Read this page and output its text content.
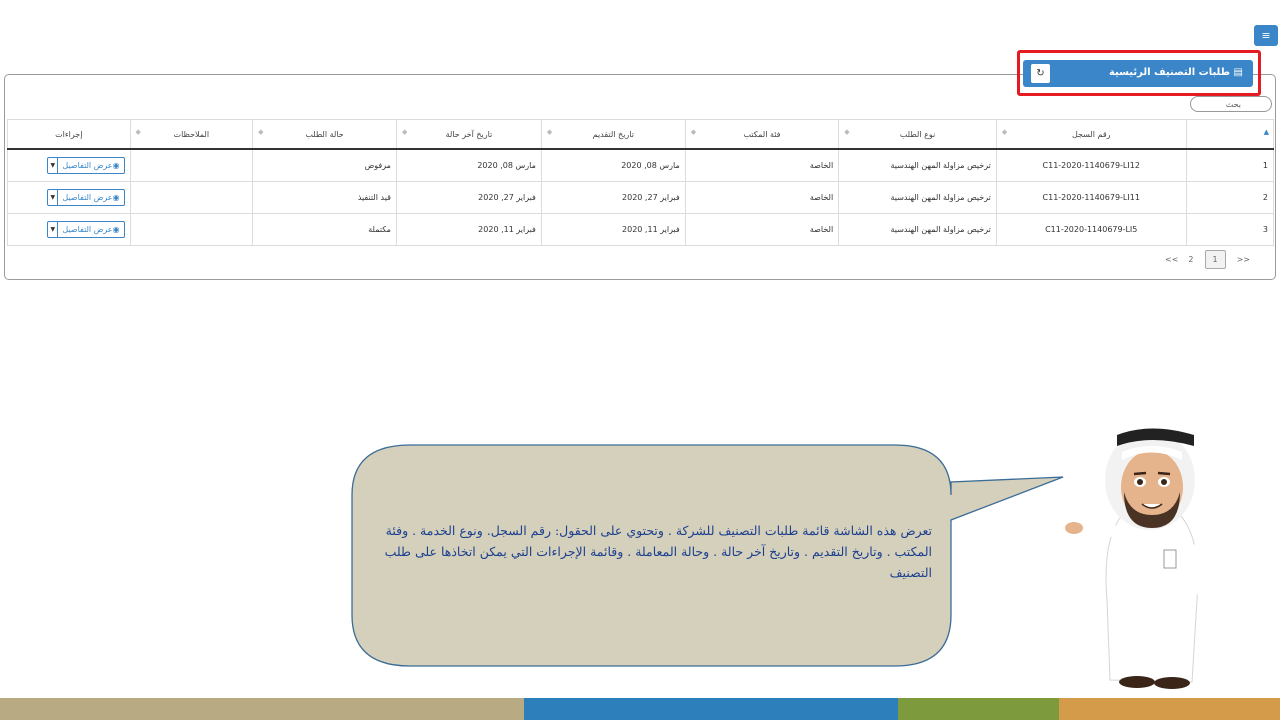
≡
↻	▤ طلبات التصنيف الرئيسية
بحث
إجراءات	◆ الملاحظات	◆ حالة الطلب	◆ تاريخ آخر حالة	◆ تاريخ التقديم	◆ فئة المكتب	◆ نوع الطلب	◆ رقم السجل	▲

▼ ◉
عرض التفاصيل		مرفوض	مارس 08, 2020	مارس 08, 2020	الخاصة	ترخيص مزاولة المهن الهندسية	C11-2020-1140679-LI12	1

▼ ◉
عرض التفاصيل		قيد التنفيذ	فبراير 27, 2020	فبراير 27, 2020	الخاصة	ترخيص مزاولة المهن الهندسية	C11-2020-1140679-LI11	2

▼ ◉
عرض التفاصيل		مكتملة	فبراير 11, 2020	فبراير 11, 2020	الخاصة	ترخيص مزاولة المهن الهندسية	C11-2020-1140679-LI5	3
<< 2	1	>>
تعرض هذه الشاشة قائمة طلبات التصنيف للشركة . وتحتوي على الحقول: رقم السجل. ونوع الخدمة . وفئة المكتب . وتاريخ التقديم . وتاريخ آخر حالة . وحالة المعاملة . وقائمة الإجراءات التي يمكن اتخاذها على طلب التصنيف
